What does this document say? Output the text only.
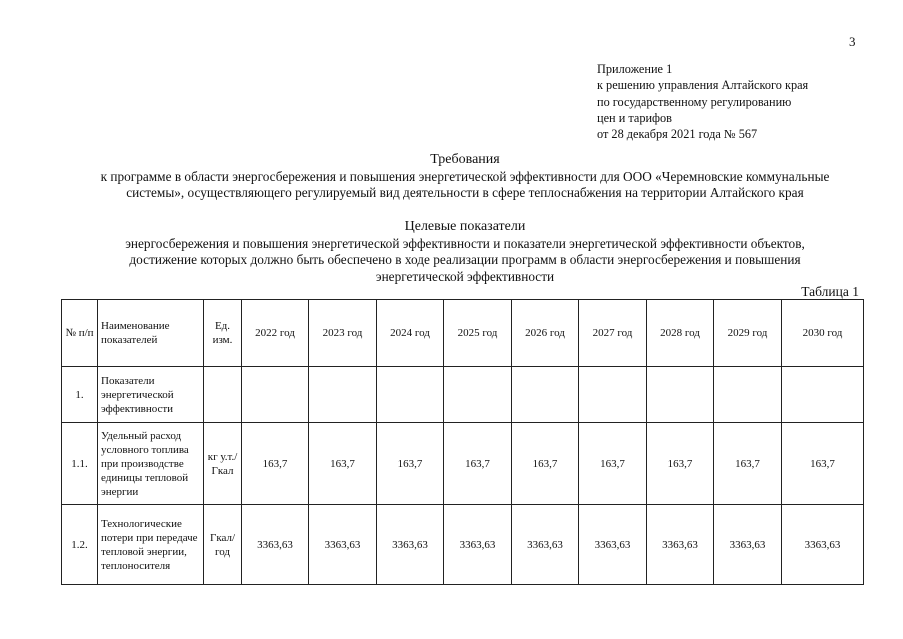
3
Приложение 1
к решению управления Алтайского края
по государственному регулированию
цен и тарифов
от 28 декабря 2021 года № 567
Требования
к программе в области энергосбережения и повышения энергетической эффективности для ООО «Черемновские коммунальные
системы», осуществляющего регулируемый вид деятельности в сфере теплоснабжения на территории Алтайского края
Целевые показатели
энергосбережения и повышения энергетической эффективности и показатели энергетической эффективности объектов,
достижение которых должно быть обеспечено в ходе реализации программ в области энергосбережения и повышения
энергетической эффективности
Таблица 1
№ п/п	Наименование показателей	Ед. изм.	2022 год	2023 год	2024 год	2025 год	2026 год	2027 год	2028 год	2029 год	2030 год
1.	Показатели энергетической эффективности										
1.1.	Удельный расход условного топлива при производстве единицы тепловой энергии	кг у.т./ Гкал	163,7	163,7	163,7	163,7	163,7	163,7	163,7	163,7	163,7
1.2.	Технологические потери при передаче тепловой энергии, теплоносителя	Гкал/ год	3363,63	3363,63	3363,63	3363,63	3363,63	3363,63	3363,63	3363,63	3363,63
